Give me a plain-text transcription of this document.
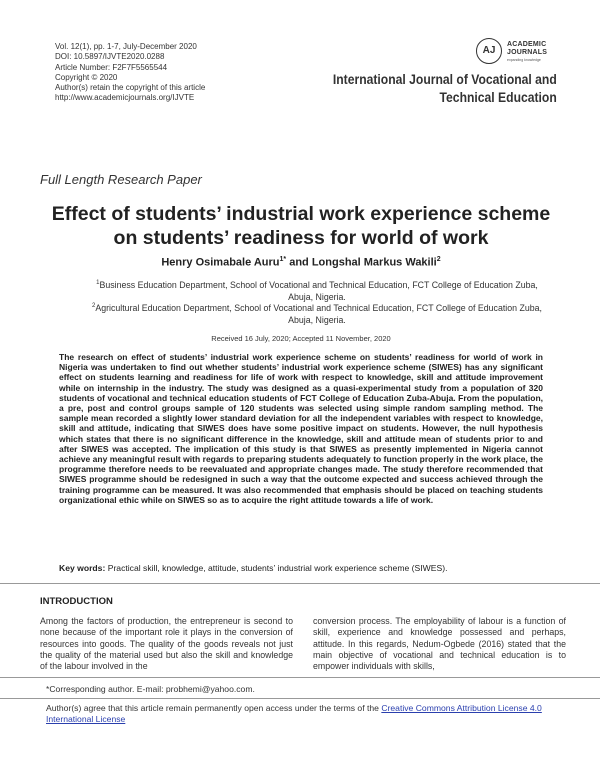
Vol. 12(1), pp. 1-7, July-December 2020
DOI: 10.5897/IJVTE2020.0288
Article Number: F2F7F5565544
Copyright © 2020
Author(s) retain the copyright of this article
http://www.academicjournals.org/IJVTE
AJ
ACADEMIC
JOURNALS
expanding knowledge
International Journal of Vocational and
Technical Education
Full Length Research Paper
Effect of students’ industrial work experience scheme
on students’ readiness for world of work
Henry Osimabale Auru$^{1*}$ and Longshal Markus Wakili$^2$
$^1$Business Education Department, School of Vocational and Technical Education, FCT College of Education Zuba,
Abuja, Nigeria.
$^2$Agricultural Education Department, School of Vocational and Technical Education, FCT College of Education Zuba,
Abuja, Nigeria.
Received 16 July, 2020; Accepted 11 November, 2020
The research on effect of students’ industrial work experience scheme on students’ readiness for world of work in Nigeria was undertaken to find out whether students’ industrial work experience scheme (SIWES) has any significant effect on students learning and readiness for life of work with respect to knowledge, skill and attitude improvement while on internship in the industry. The study was designed as a quasi-experimental study from a population of 320 students of vocational and technical education students of FCT College of Education Zuba-Abuja. From the population, a pre, post and control groups sample of 120 students was selected using simple random sampling method. The sample mean recorded a slightly lower standard deviation for all the independent variables with respect to knowledge, skill and attitude, indicating that SIWES does have some positive impact on students. However, the null hypothesis which states that there is no significant difference in the knowledge, skill and attitude mean of students prior to and after SIWES was accepted. The implication of this study is that SIWES as presently implemented in Nigeria cannot achieve any meaningful result with regards to preparing students adequately to function properly in the work place, the programme therefore needs to be reevaluated and appropriate changes made. The study therefore recommended that SIWES programme should be redesigned in such a way that the outcome expected and success achieved through the training programme can be measured. It was also recommended that emphasis should be placed on teaching students organizational ethic while on SIWES so as to acquire the right attitude towards a life of work.
Key words: Practical skill, knowledge, attitude, students’ industrial work experience scheme (SIWES).
INTRODUCTION
Among the factors of production, the entrepreneur is second to none because of the important role it plays in the conversion of resources into goods. The quality of the goods reveals not just the quality of the material used but also the skill and knowledge of the labour involved in the
conversion process. The employability of labour is a function of skill, experience and knowledge possessed and perhaps, attitude. In this regards, Nedum-Ogbede (2016) stated that the main objective of vocational and technical education is to empower individuals with skills,
*Corresponding author. E-mail: probhemi@yahoo.com.
Author(s) agree that this article remain permanently open access under the terms of the Creative Commons Attribution License 4.0 International License
